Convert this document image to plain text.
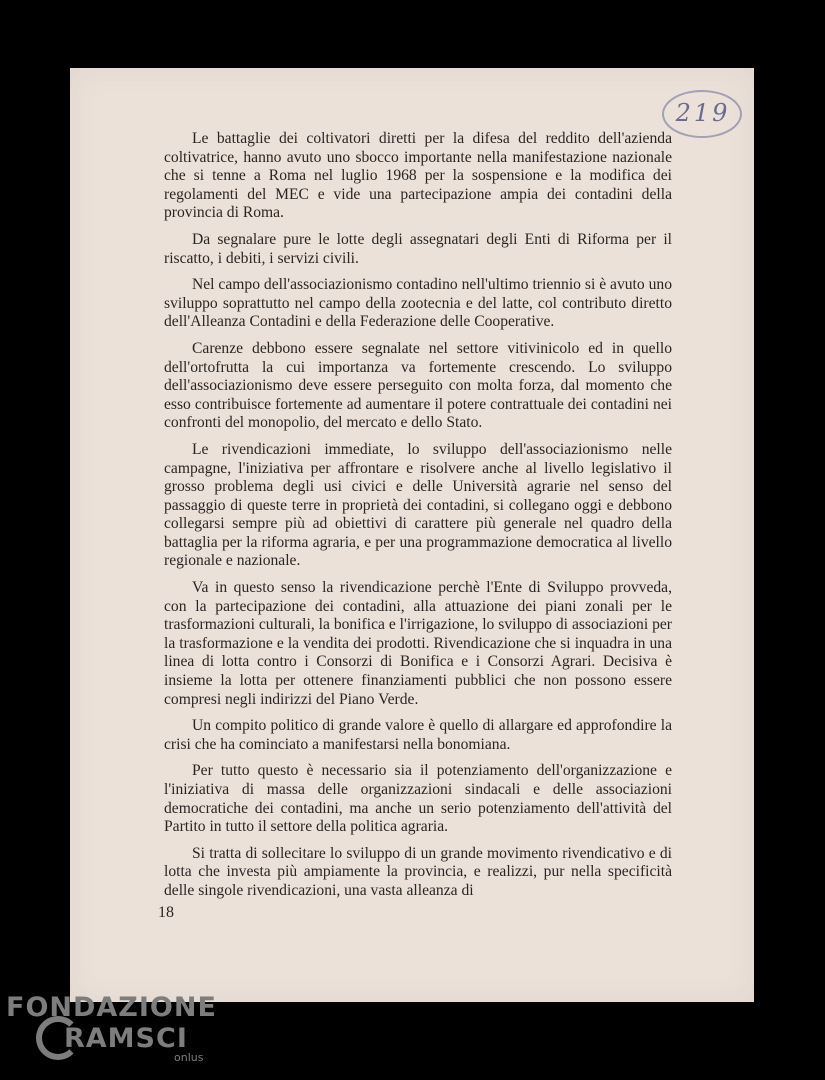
219

Le battaglie dei coltivatori diretti per la difesa del reddito dell'azienda coltivatrice, hanno avuto uno sbocco importante nella manifestazione nazionale che si tenne a Roma nel luglio 1968 per la sospensione e la modifica dei regolamenti del MEC e vide una partecipazione ampia dei contadini della provincia di Roma.

Da segnalare pure le lotte degli assegnatari degli Enti di Riforma per il riscatto, i debiti, i servizi civili.

Nel campo dell'associazionismo contadino nell'ultimo triennio si è avuto uno sviluppo soprattutto nel campo della zootecnia e del latte, col contributo diretto dell'Alleanza Contadini e della Federazione delle Cooperative.

Carenze debbono essere segnalate nel settore vitivinicolo ed in quello dell'ortofrutta la cui importanza va fortemente crescendo. Lo sviluppo dell'associazionismo deve essere perseguito con molta forza, dal momento che esso contribuisce fortemente ad aumentare il potere contrattuale dei contadini nei confronti del monopolio, del mercato e dello Stato.

Le rivendicazioni immediate, lo sviluppo dell'associazionismo nelle campagne, l'iniziativa per affrontare e risolvere anche al livello legislativo il grosso problema degli usi civici e delle Università agrarie nel senso del passaggio di queste terre in proprietà dei contadini, si collegano oggi e debbono collegarsi sempre più ad obiettivi di carattere più generale nel quadro della battaglia per la riforma agraria, e per una programmazione democratica al livello regionale e nazionale.

Va in questo senso la rivendicazione perchè l'Ente di Sviluppo provveda, con la partecipazione dei contadini, alla attuazione dei piani zonali per le trasformazioni culturali, la bonifica e l'irrigazione, lo sviluppo di associazioni per la trasformazione e la vendita dei prodotti. Rivendicazione che si inquadra in una linea di lotta contro i Consorzi di Bonifica e i Consorzi Agrari. Decisiva è insieme la lotta per ottenere finanziamenti pubblici che non possono essere compresi negli indirizzi del Piano Verde.

Un compito politico di grande valore è quello di allargare ed approfondire la crisi che ha cominciato a manifestarsi nella bonomiana.

Per tutto questo è necessario sia il potenziamento dell'organizzazione e l'iniziativa di massa delle organizzazioni sindacali e delle associazioni democratiche dei contadini, ma anche un serio potenziamento dell'attività del Partito in tutto il settore della politica agraria.

Si tratta di sollecitare lo sviluppo di un grande movimento rivendicativo e di lotta che investa più ampiamente la provincia, e realizzi, pur nella specificità delle singole rivendicazioni, una vasta alleanza di

18
FONDAZIONE
RAMSCI
onlus
